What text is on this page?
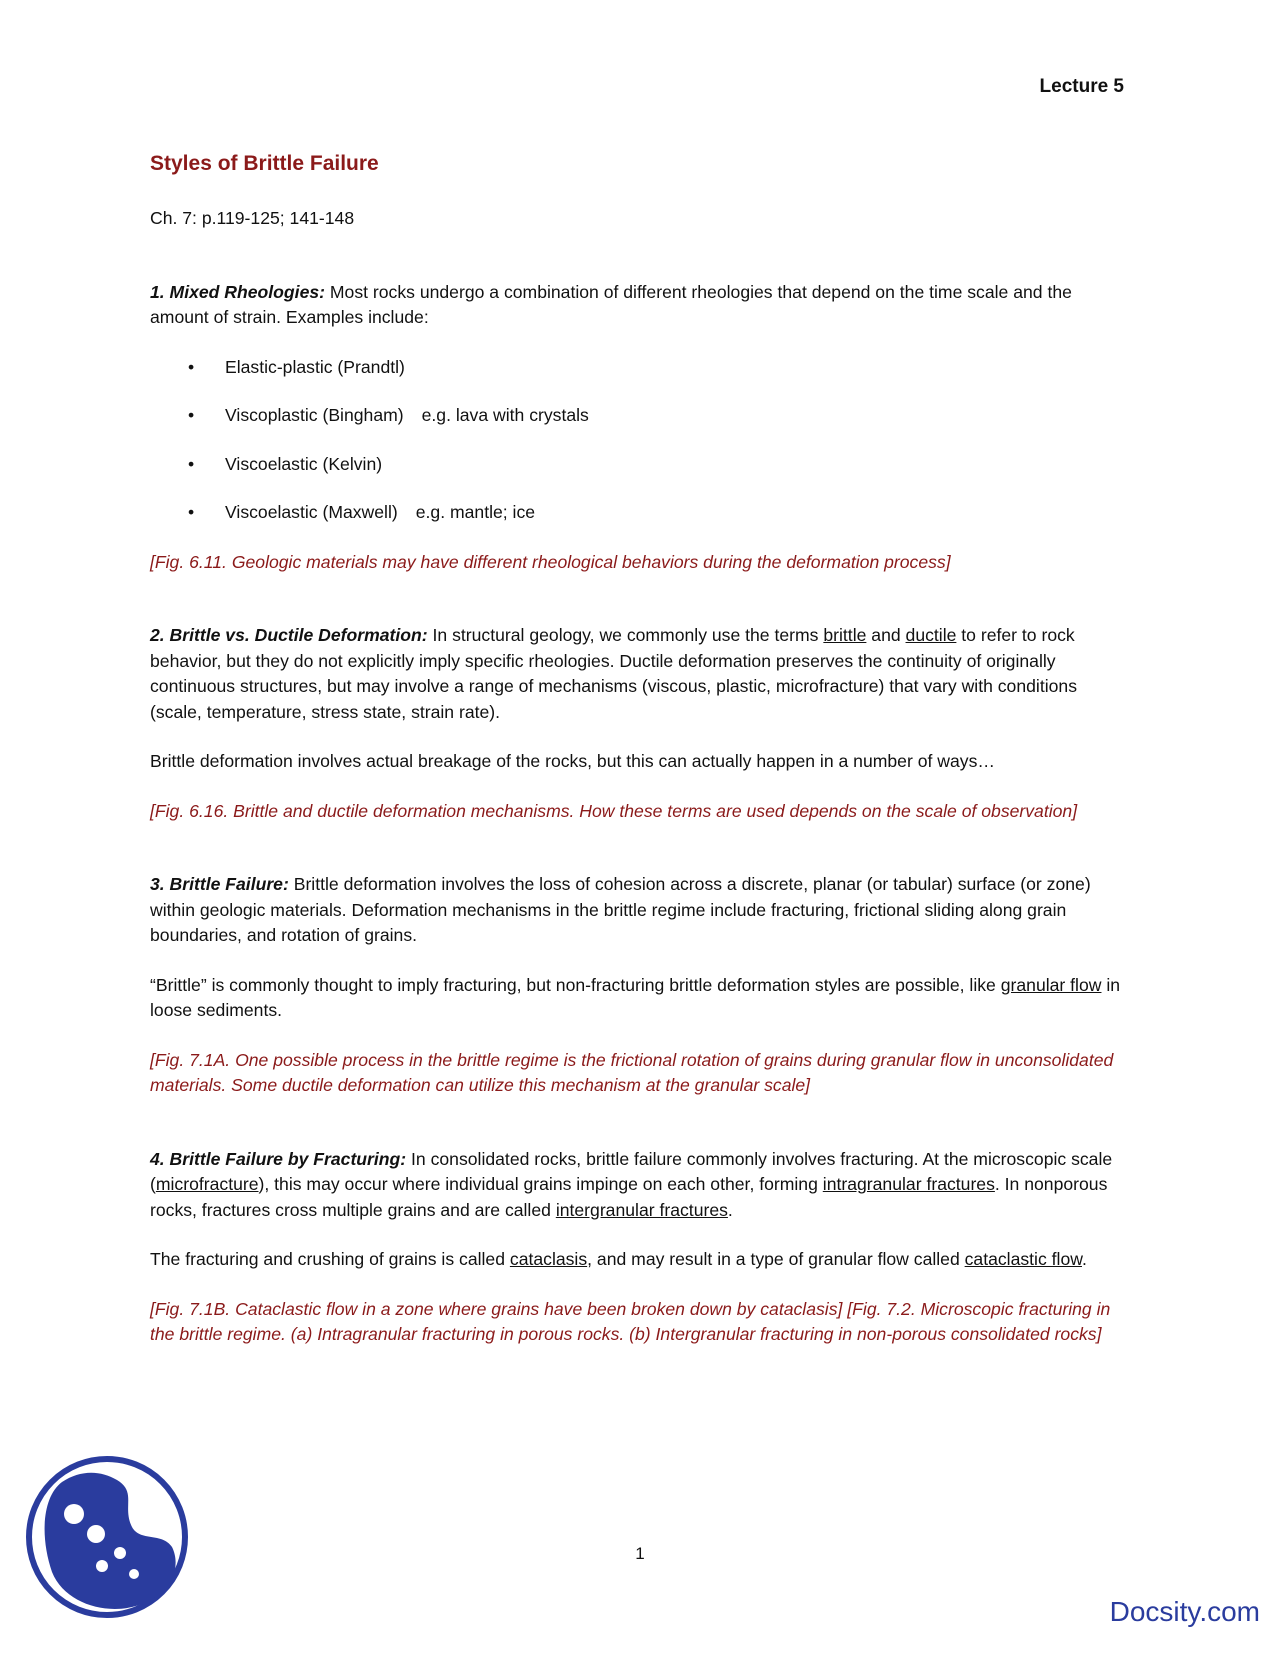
Lecture 5
Styles of Brittle Failure

Ch. 7: p.119-125; 141-148

1. Mixed Rheologies: Most rocks undergo a combination of different rheologies that depend on the time scale and the amount of strain. Examples include:

• Elastic-plastic (Prandtl)
• Viscoplastic (Bingham) e.g. lava with crystals
• Viscoelastic (Kelvin)
• Viscoelastic (Maxwell) e.g. mantle; ice

[Fig. 6.11. Geologic materials may have different rheological behaviors during the deformation process]

2. Brittle vs. Ductile Deformation: In structural geology, we commonly use the terms brittle and ductile to refer to rock behavior, but they do not explicitly imply specific rheologies. Ductile deformation preserves the continuity of originally continuous structures, but may involve a range of mechanisms (viscous, plastic, microfracture) that vary with conditions (scale, temperature, stress state, strain rate).

Brittle deformation involves actual breakage of the rocks, but this can actually happen in a number of ways…

[Fig. 6.16. Brittle and ductile deformation mechanisms. How these terms are used depends on the scale of observation]

3. Brittle Failure: Brittle deformation involves the loss of cohesion across a discrete, planar (or tabular) surface (or zone) within geologic materials. Deformation mechanisms in the brittle regime include fracturing, frictional sliding along grain boundaries, and rotation of grains.

“Brittle” is commonly thought to imply fracturing, but non-fracturing brittle deformation styles are possible, like granular flow in loose sediments.

[Fig. 7.1A. One possible process in the brittle regime is the frictional rotation of grains during granular flow in unconsolidated materials. Some ductile deformation can utilize this mechanism at the granular scale]

4. Brittle Failure by Fracturing: In consolidated rocks, brittle failure commonly involves fracturing. At the microscopic scale (microfracture), this may occur where individual grains impinge on each other, forming intragranular fractures. In nonporous rocks, fractures cross multiple grains and are called intergranular fractures.

The fracturing and crushing of grains is called cataclasis, and may result in a type of granular flow called cataclastic flow.

[Fig. 7.1B. Cataclastic flow in a zone where grains have been broken down by cataclasis] [Fig. 7.2. Microscopic fracturing in the brittle regime. (a) Intragranular fracturing in porous rocks. (b) Intergranular fracturing in non-porous consolidated rocks]

1
Docsity.com
